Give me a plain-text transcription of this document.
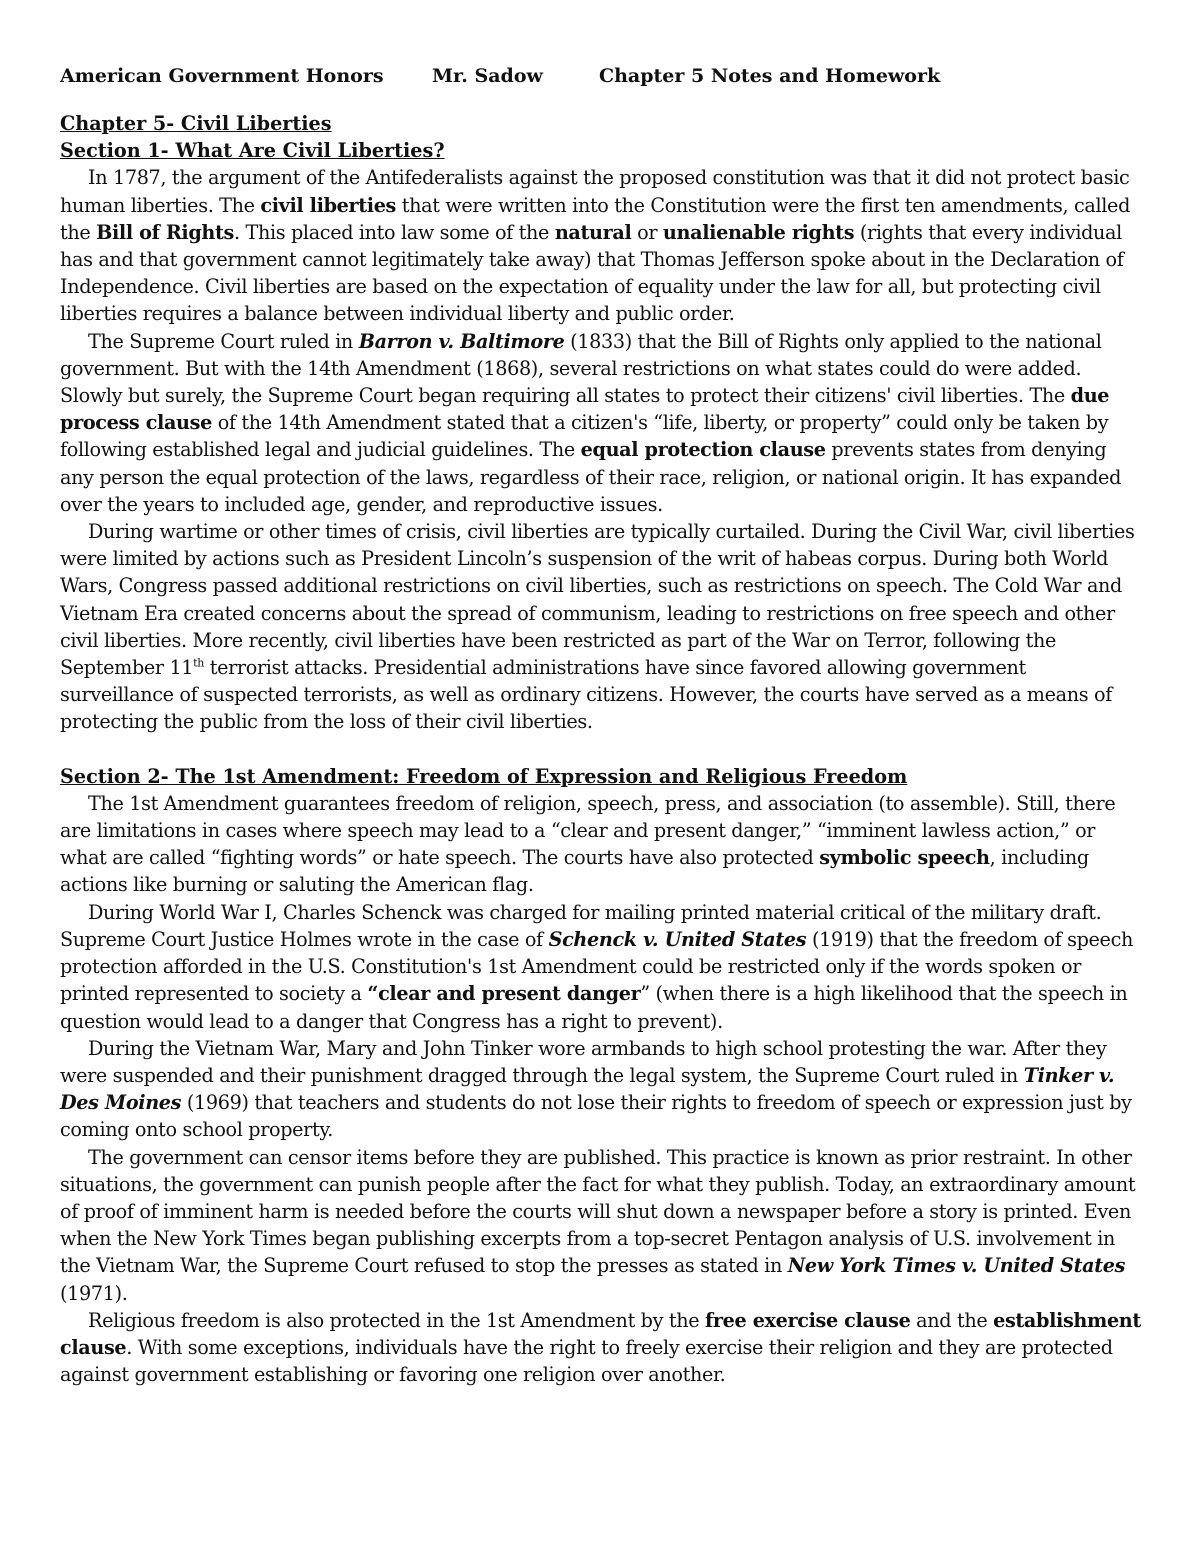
American Government Honors	Mr. Sadow	Chapter 5 Notes and Homework
Chapter 5- Civil Liberties
Section 1- What Are Civil Liberties?

In 1787, the argument of the Antifederalists against the proposed constitution was that it did not protect basic human liberties. The civil liberties that were written into the Constitution were the first ten amendments, called the Bill of Rights. This placed into law some of the natural or unalienable rights (rights that every individual has and that government cannot legitimately take away) that Thomas Jefferson spoke about in the Declaration of Independence. Civil liberties are based on the expectation of equality under the law for all, but protecting civil liberties requires a balance between individual liberty and public order.

The Supreme Court ruled in Barron v. Baltimore (1833) that the Bill of Rights only applied to the national government. But with the 14th Amendment (1868), several restrictions on what states could do were added. Slowly but surely, the Supreme Court began requiring all states to protect their citizens' civil liberties. The due process clause of the 14th Amendment stated that a citizen's “life, liberty, or property” could only be taken by following established legal and judicial guidelines. The equal protection clause prevents states from denying any person the equal protection of the laws, regardless of their race, religion, or national origin. It has expanded over the years to included age, gender, and reproductive issues.

During wartime or other times of crisis, civil liberties are typically curtailed. During the Civil War, civil liberties were limited by actions such as President Lincoln’s suspension of the writ of habeas corpus. During both World Wars, Congress passed additional restrictions on civil liberties, such as restrictions on speech. The Cold War and Vietnam Era created concerns about the spread of communism, leading to restrictions on free speech and other civil liberties. More recently, civil liberties have been restricted as part of the War on Terror, following the September 11th terrorist attacks. Presidential administrations have since favored allowing government surveillance of suspected terrorists, as well as ordinary citizens. However, the courts have served as a means of protecting the public from the loss of their civil liberties.

Section 2- The 1st Amendment: Freedom of Expression and Religious Freedom

The 1st Amendment guarantees freedom of religion, speech, press, and association (to assemble). Still, there are limitations in cases where speech may lead to a “clear and present danger,” “imminent lawless action,” or what are called “fighting words” or hate speech. The courts have also protected symbolic speech, including actions like burning or saluting the American flag.

During World War I, Charles Schenck was charged for mailing printed material critical of the military draft. Supreme Court Justice Holmes wrote in the case of Schenck v. United States (1919) that the freedom of speech protection afforded in the U.S. Constitution's 1st Amendment could be restricted only if the words spoken or printed represented to society a “clear and present danger” (when there is a high likelihood that the speech in question would lead to a danger that Congress has a right to prevent).

During the Vietnam War, Mary and John Tinker wore armbands to high school protesting the war. After they were suspended and their punishment dragged through the legal system, the Supreme Court ruled in Tinker v. Des Moines (1969) that teachers and students do not lose their rights to freedom of speech or expression just by coming onto school property.

The government can censor items before they are published. This practice is known as prior restraint. In other situations, the government can punish people after the fact for what they publish. Today, an extraordinary amount of proof of imminent harm is needed before the courts will shut down a newspaper before a story is printed. Even when the New York Times began publishing excerpts from a top-secret Pentagon analysis of U.S. involvement in the Vietnam War, the Supreme Court refused to stop the presses as stated in New York Times v. United States (1971).

Religious freedom is also protected in the 1st Amendment by the free exercise clause and the establishment clause. With some exceptions, individuals have the right to freely exercise their religion and they are protected against government establishing or favoring one religion over another.
